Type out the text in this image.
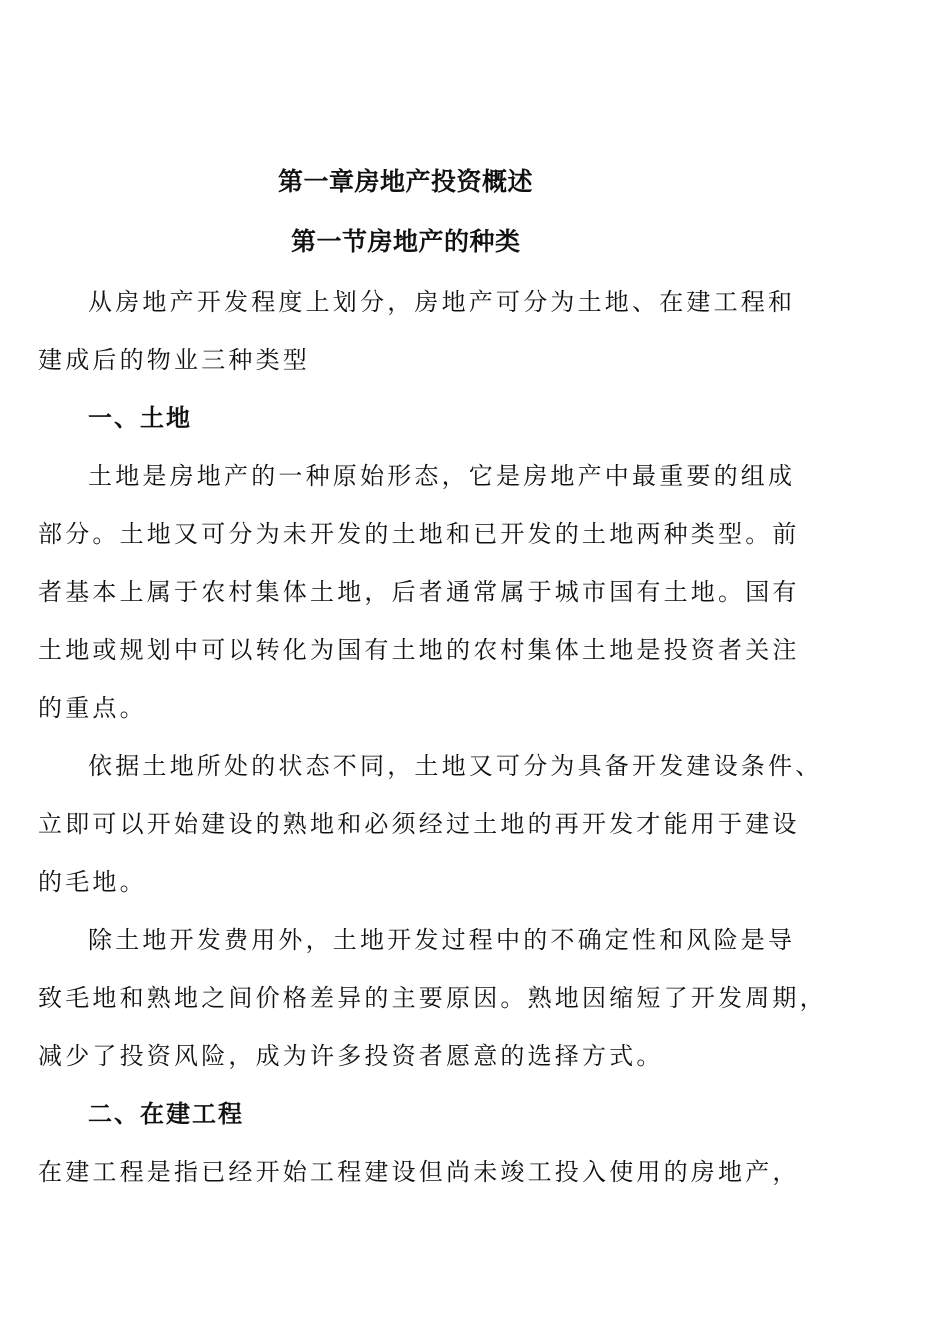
第一章房地产投资概述
第一节房地产的种类
从房地产开发程度上划分，房地产可分为土地、在建工程和
建成后的物业三种类型
一、土地
土地是房地产的一种原始形态，它是房地产中最重要的组成
部分。土地又可分为未开发的土地和已开发的土地两种类型。前
者基本上属于农村集体土地，后者通常属于城市国有土地。国有
土地或规划中可以转化为国有土地的农村集体土地是投资者关注
的重点。
依据土地所处的状态不同，土地又可分为具备开发建设条件、
立即可以开始建设的熟地和必须经过土地的再开发才能用于建设
的毛地。
除土地开发费用外，土地开发过程中的不确定性和风险是导
致毛地和熟地之间价格差异的主要原因。熟地因缩短了开发周期，
减少了投资风险，成为许多投资者愿意的选择方式。
二、在建工程
在建工程是指已经开始工程建设但尚未竣工投入使用的房地产，
